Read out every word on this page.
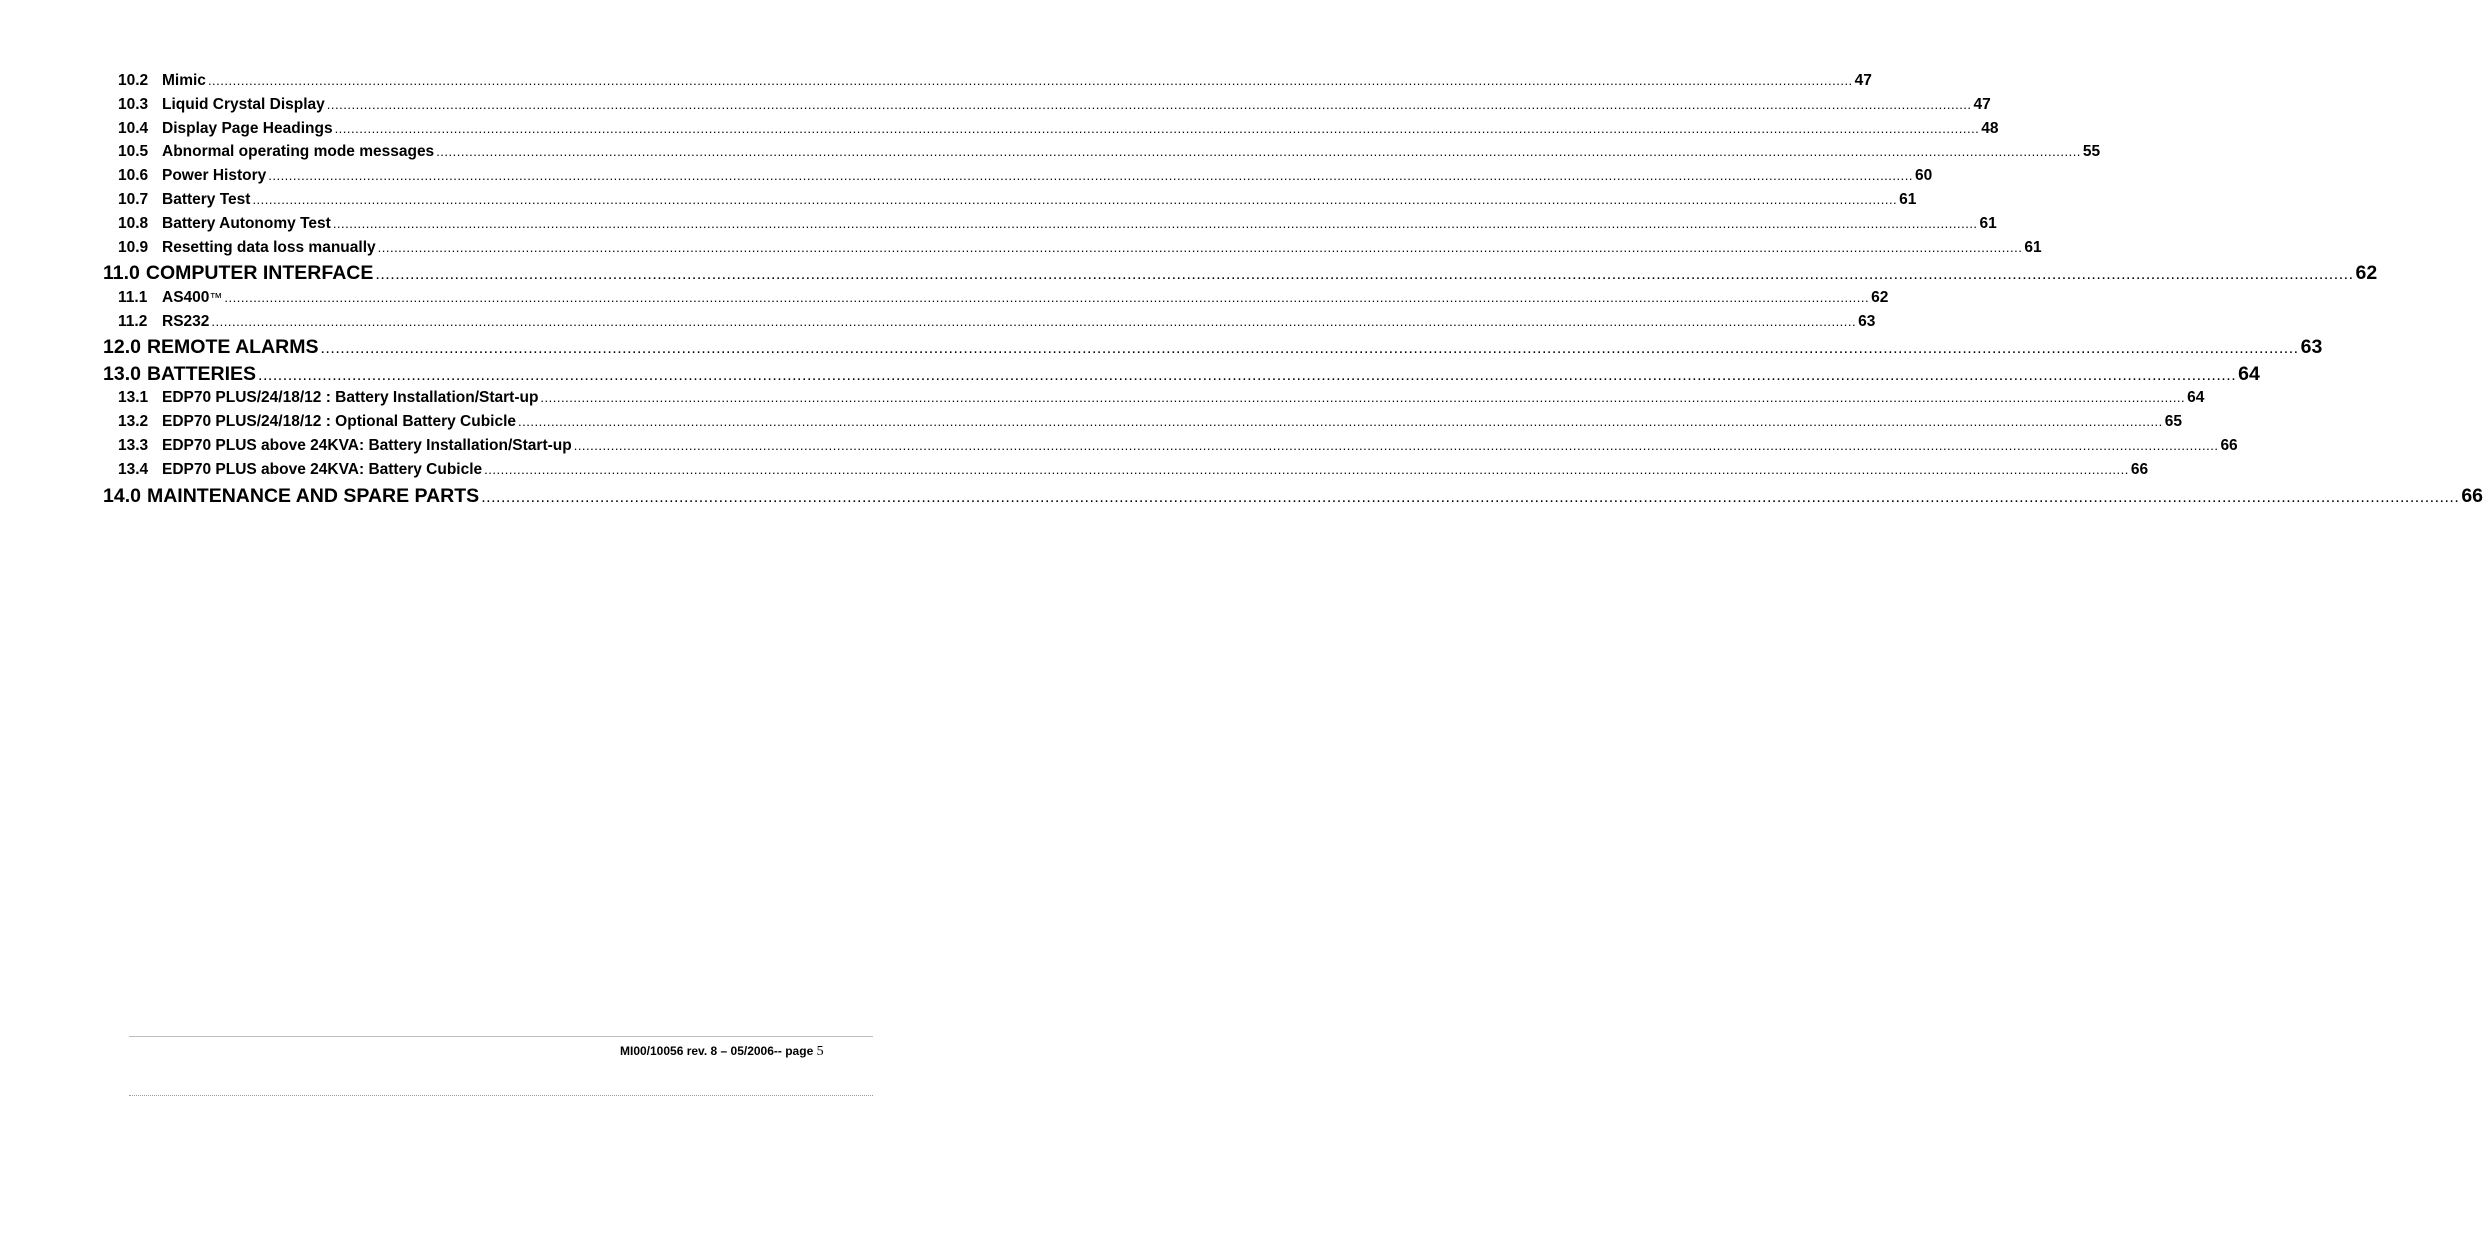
10.2 Mimic ................................................................................................................................................................................................................................................................................................................................................................................................................ 47
10.3 Liquid Crystal Display ................................................................................................................................................................................................................................................................................................................................................................................................................ 47
10.4 Display Page Headings ................................................................................................................................................................................................................................................................................................................................................................................................................ 48
10.5 Abnormal operating mode messages ................................................................................................................................................................................................................................................................................................................................................................................................................ 55
10.6 Power History ................................................................................................................................................................................................................................................................................................................................................................................................................ 60
10.7 Battery Test ................................................................................................................................................................................................................................................................................................................................................................................................................ 61
10.8 Battery Autonomy Test ................................................................................................................................................................................................................................................................................................................................................................................................................ 61
10.9 Resetting data loss manually ................................................................................................................................................................................................................................................................................................................................................................................................................ 61
11.0 COMPUTER INTERFACE ................................................................................................................................................................................................................................................................................................................................................................................................................ 62
11.1 AS400™ ................................................................................................................................................................................................................................................................................................................................................................................................................ 62
11.2 RS232 ................................................................................................................................................................................................................................................................................................................................................................................................................ 63
12.0 REMOTE ALARMS ................................................................................................................................................................................................................................................................................................................................................................................................................ 63
13.0 BATTERIES ................................................................................................................................................................................................................................................................................................................................................................................................................ 64
13.1 EDP70 PLUS/24/18/12 : Battery Installation/Start-up ................................................................................................................................................................................................................................................................................................................................................................................................................ 64
13.2 EDP70 PLUS/24/18/12 : Optional Battery Cubicle ................................................................................................................................................................................................................................................................................................................................................................................................................ 65
13.3 EDP70 PLUS above 24KVA: Battery Installation/Start-up ................................................................................................................................................................................................................................................................................................................................................................................................................ 66
13.4 EDP70 PLUS above 24KVA: Battery Cubicle ................................................................................................................................................................................................................................................................................................................................................................................................................ 66
14.0 MAINTENANCE AND SPARE PARTS ................................................................................................................................................................................................................................................................................................................................................................................................................ 66
MI00/10056 rev. 8 – 05/2006-- page 5
